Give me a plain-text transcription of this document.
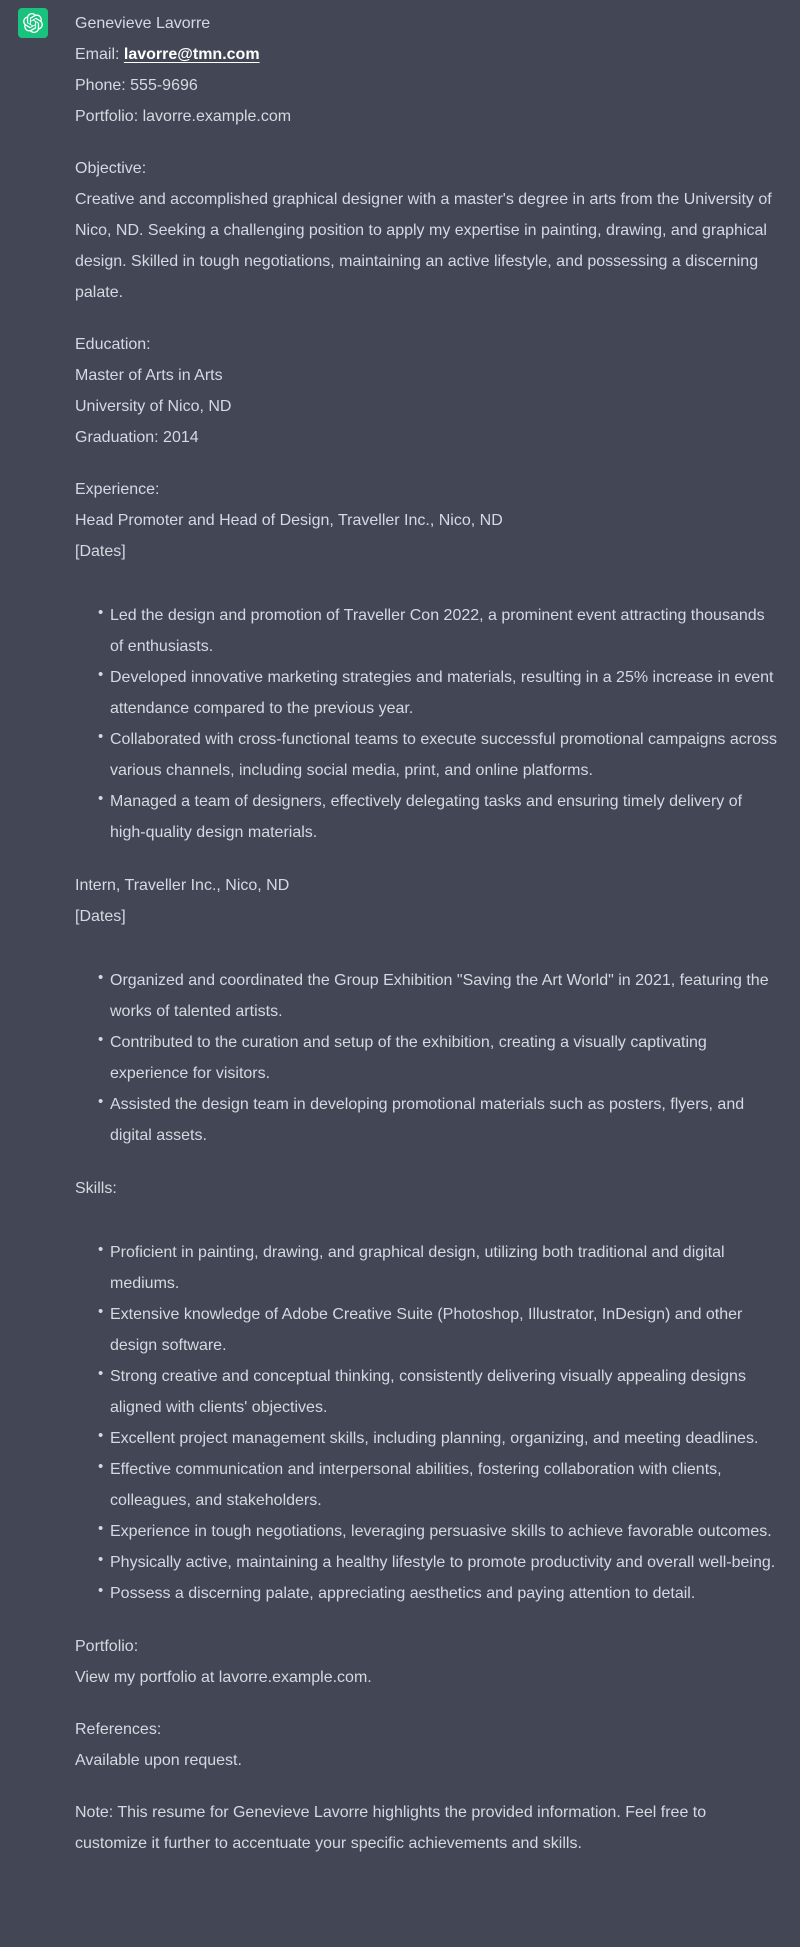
Genevieve Lavorre
Email: lavorre@tmn.com
Phone: 555-9696
Portfolio: lavorre.example.com

Objective:
Creative and accomplished graphical designer with a master's degree in arts from the University of Nico, ND. Seeking a challenging position to apply my expertise in painting, drawing, and graphical design. Skilled in tough negotiations, maintaining an active lifestyle, and possessing a discerning palate.

Education:
Master of Arts in Arts
University of Nico, ND
Graduation: 2014

Experience:
Head Promoter and Head of Design, Traveller Inc., Nico, ND
[Dates]

• Led the design and promotion of Traveller Con 2022, a prominent event attracting thousands of enthusiasts.
• Developed innovative marketing strategies and materials, resulting in a 25% increase in event attendance compared to the previous year.
• Collaborated with cross-functional teams to execute successful promotional campaigns across various channels, including social media, print, and online platforms.
• Managed a team of designers, effectively delegating tasks and ensuring timely delivery of high-quality design materials.

Intern, Traveller Inc., Nico, ND
[Dates]

• Organized and coordinated the Group Exhibition "Saving the Art World" in 2021, featuring the works of talented artists.
• Contributed to the curation and setup of the exhibition, creating a visually captivating experience for visitors.
• Assisted the design team in developing promotional materials such as posters, flyers, and digital assets.

Skills:

• Proficient in painting, drawing, and graphical design, utilizing both traditional and digital mediums.
• Extensive knowledge of Adobe Creative Suite (Photoshop, Illustrator, InDesign) and other design software.
• Strong creative and conceptual thinking, consistently delivering visually appealing designs aligned with clients' objectives.
• Excellent project management skills, including planning, organizing, and meeting deadlines.
• Effective communication and interpersonal abilities, fostering collaboration with clients, colleagues, and stakeholders.
• Experience in tough negotiations, leveraging persuasive skills to achieve favorable outcomes.
• Physically active, maintaining a healthy lifestyle to promote productivity and overall well-being.
• Possess a discerning palate, appreciating aesthetics and paying attention to detail.

Portfolio:
View my portfolio at lavorre.example.com.

References:
Available upon request.

Note: This resume for Genevieve Lavorre highlights the provided information. Feel free to customize it further to accentuate your specific achievements and skills.
